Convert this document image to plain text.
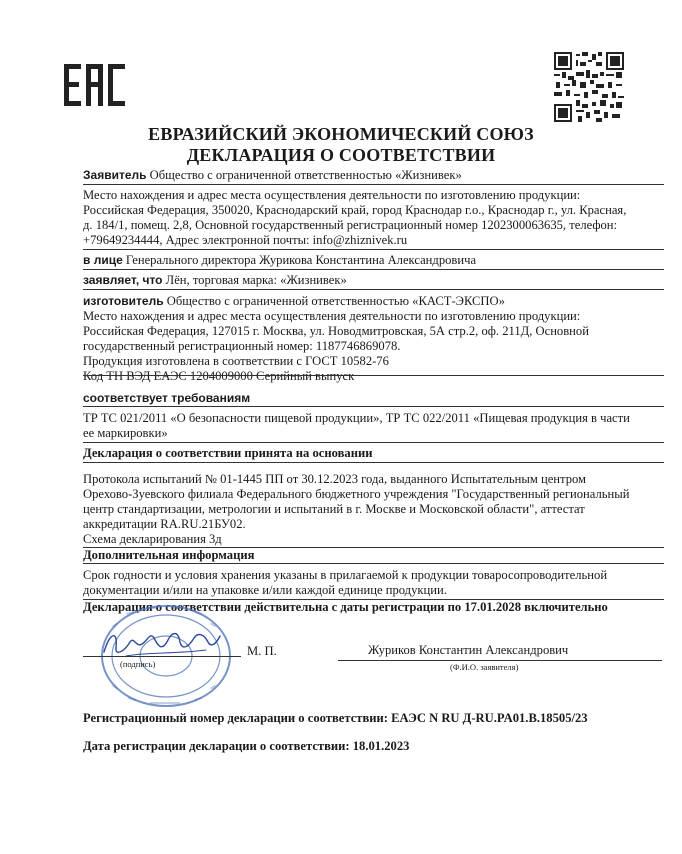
ЕВРАЗИЙСКИЙ ЭКОНОМИЧЕСКИЙ СОЮЗ
ДЕКЛАРАЦИЯ О СООТВЕТСТВИИ
Заявитель Общество с ограниченной ответственностью «Жизнивек»
Место нахождения и адрес места осуществления деятельности по изготовлению продукции:
Российская Федерация, 350020, Краснодарский край, город Краснодар г.о., Краснодар г., ул. Красная,
д. 184/1, помещ. 2,8, Основной государственный регистрационный номер 1202300063635, телефон:
+79649234444, Адрес электронной почты: info@zhiznivek.ru
в лице Генерального директора Журикова Константина Александровича
заявляет, что Лён, торговая марка: «Жизнивек»
изготовитель Общество с ограниченной ответственностью «КАСТ-ЭКСПО»
Место нахождения и адрес места осуществления деятельности по изготовлению продукции:
Российская Федерация, 127015 г. Москва, ул. Новодмитровская, 5А стр.2, оф. 211Д, Основной
государственный регистрационный номер: 1187746869078.
Продукция изготовлена в соответствии с ГОСТ 10582-76
Код ТН ВЭД ЕАЭС 1204009000 Серийный выпуск
соответствует требованиям
ТР ТС 021/2011 «О безопасности пищевой продукции», ТР ТС 022/2011 «Пищевая продукция в части
ее маркировки»
Декларация о соответствии принята на основании
Протокола испытаний № 01-1445 ПП от 30.12.2023 года, выданного Испытательным центром
Орехово-Зуевского филиала Федерального бюджетного учреждения "Государственный региональный
центр стандартизации, метрологии и испытаний в г. Москве и Московской области", аттестат
аккредитации RA.RU.21БУ02.
Схема декларирования 3д
Дополнительная информация
Срок годности и условия хранения указаны в прилагаемой к продукции товаросопроводительной
документации и/или на упаковке и/или каждой единице продукции.
Декларация о соответствии действительна с даты регистрации по 17.01.2028 включительно
(подпись)
М. П.	Журиков Константин Александрович
(Ф.И.О. заявителя)
Регистрационный номер декларации о соответствии: ЕАЭС N RU Д-RU.PA01.B.18505/23
Дата регистрации декларации о соответствии: 18.01.2023
